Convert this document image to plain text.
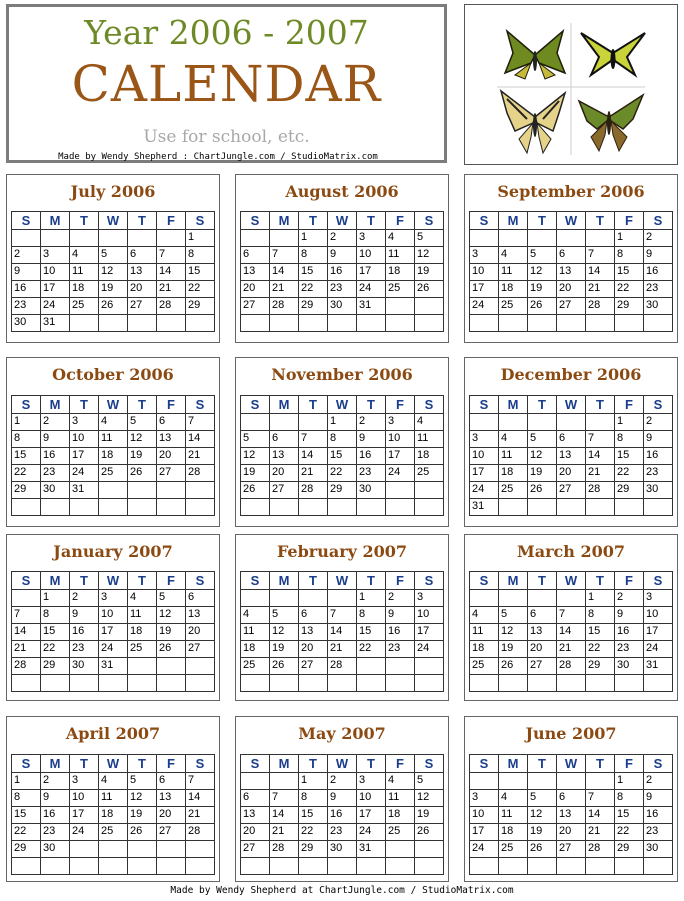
Year 2006 - 2007
CALENDAR
Use for school, etc.
Made by Wendy Shepherd : ChartJungle.com / StudioMatrix.com
July 2006
S	M	T	W	T	F	S
						1
2	3	4	5	6	7	8
9	10	11	12	13	14	15
16	17	18	19	20	21	22
23	24	25	26	27	28	29
30	31					
August 2006
S	M	T	W	T	F	S
		1	2	3	4	5
6	7	8	9	10	11	12
13	14	15	16	17	18	19
20	21	22	23	24	25	26
27	28	29	30	31		

September 2006
S	M	T	W	T	F	S
					1	2
3	4	5	6	7	8	9
10	11	12	13	14	15	16
17	18	19	20	21	22	23
24	25	26	27	28	29	30

October 2006
S	M	T	W	T	F	S
1	2	3	4	5	6	7
8	9	10	11	12	13	14
15	16	17	18	19	20	21
22	23	24	25	26	27	28
29	30	31				

November 2006
S	M	T	W	T	F	S
			1	2	3	4
5	6	7	8	9	10	11
12	13	14	15	16	17	18
19	20	21	22	23	24	25
26	27	28	29	30		

December 2006
S	M	T	W	T	F	S
					1	2
3	4	5	6	7	8	9
10	11	12	13	14	15	16
17	18	19	20	21	22	23
24	25	26	27	28	29	30
31						
January 2007
S	M	T	W	T	F	S
	1	2	3	4	5	6
7	8	9	10	11	12	13
14	15	16	17	18	19	20
21	22	23	24	25	26	27
28	29	30	31			

February 2007
S	M	T	W	T	F	S
				1	2	3
4	5	6	7	8	9	10
11	12	13	14	15	16	17
18	19	20	21	22	23	24
25	26	27	28			

March 2007
S	M	T	W	T	F	S
				1	2	3
4	5	6	7	8	9	10
11	12	13	14	15	16	17
18	19	20	21	22	23	24
25	26	27	28	29	30	31

April 2007
S	M	T	W	T	F	S
1	2	3	4	5	6	7
8	9	10	11	12	13	14
15	16	17	18	19	20	21
22	23	24	25	26	27	28
29	30					

May 2007
S	M	T	W	T	F	S
		1	2	3	4	5
6	7	8	9	10	11	12
13	14	15	16	17	18	19
20	21	22	23	24	25	26
27	28	29	30	31		

June 2007
S	M	T	W	T	F	S
					1	2
3	4	5	6	7	8	9
10	11	12	13	14	15	16
17	18	19	20	21	22	23
24	25	26	27	28	29	30

Made by Wendy Shepherd at ChartJungle.com / StudioMatrix.com
